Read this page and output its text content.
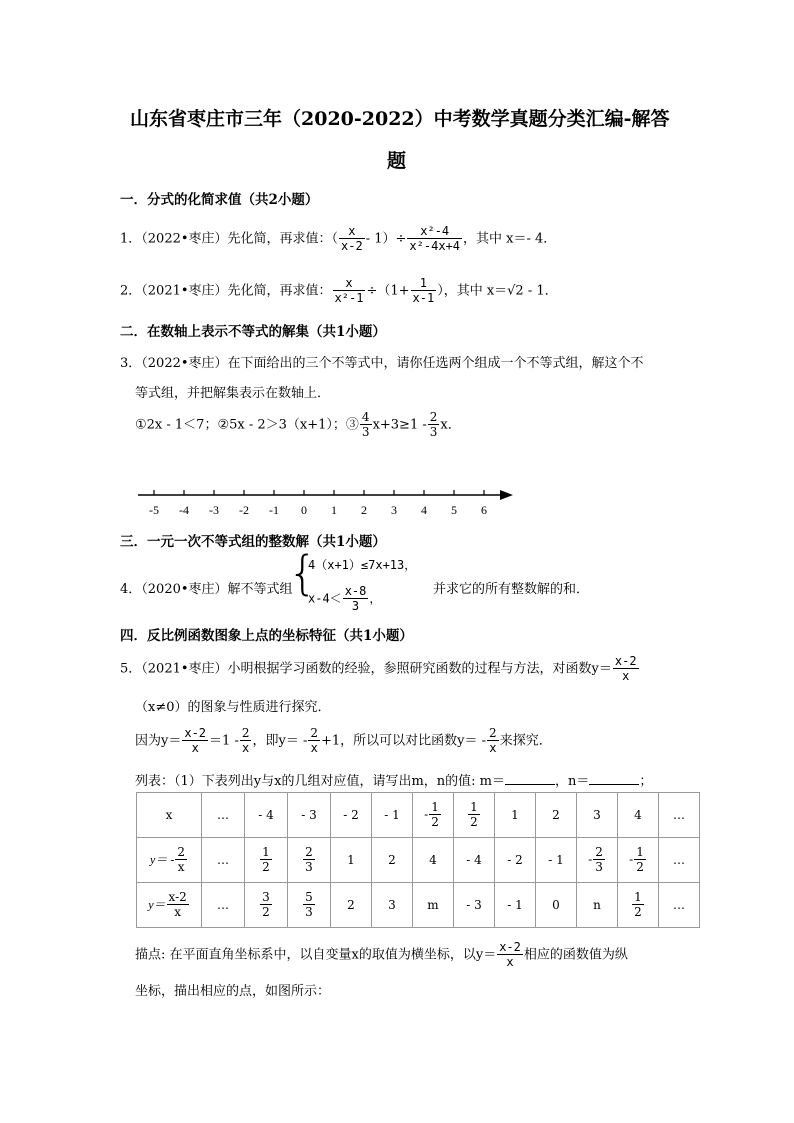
山东省枣庄市三年（2020-2022）中考数学真题分类汇编-解答
题
一．分式的化简求值（共2小题）
1．（2022•枣庄）先化简，再求值：（ $\frac{x}{x-2} - 1)\div \frac{\text{x²-4}}{\text{x²-4x+4}}$ ，其中 x＝- 4．
2．（2021•枣庄）先化简，再求值： $\frac{x}{\text{x²-1}} \div(1+ \frac{1}{x-1}$ ），其中 x＝√2 - 1．
二．在数轴上表示不等式的解集（共1小题）
3．（2022•枣庄）在下面给出的三个不等式中，请你任选两个组成一个不等式组，解这个不
等式组，并把解集表示在数轴上．
①2x - 1＜7；②5x - 2＞3（x+1）；③ $\frac{4}{3} x+3\ge 1 - \frac{2}{3}$ x．
-5 -4 -3 -2 -1 0 1 2 3 4 5 6
三．一元一次不等式组的整数解（共1小题）
4．（2020•枣庄）解不等式组
{
4（x+1）≤7x+13，
$x-4< \frac{x-8}{3}$ ，
并求它的所有整数解的和．
四．反比例函数图象上点的坐标特征（共1小题）
5．（2021•枣庄）小明根据学习函数的经验，参照研究函数的过程与方法，对函数$y= \frac{x-2}{x}$
（x≠0）的图象与性质进行探究．
因为$y= \frac{x-2}{x} =1 - \frac{2}{x}$ ，即$y= - \frac{2}{x} +1$，所以可以对比函数$y= - \frac{2}{x}$ 来探究．
列表：（1）下表列出y与x的几组对应值，请写出m，n的值: m＝	，n＝	；
x	…	- 4	- 3	- 2	- 1	- $\frac{1}{2}$	$\frac{1}{2}$	1	2	3	4	…
$y= - \frac{2}{x}$	…	$\frac{1}{2}$	$\frac{2}{3}$	1	2	4	- 4	- 2	- 1	- $\frac{2}{3}$	- $\frac{1}{2}$	…
$y= \frac{x-2}{x}$	…	$\frac{3}{2}$	$\frac{5}{3}$	2	3	m	- 3	- 1	0	n	$\frac{1}{2}$	…
描点: 在平面直角坐标系中，以自变量x的取值为横坐标，以$y= \frac{x-2}{x}$ 相应的函数值为纵
坐标，描出相应的点，如图所示：
